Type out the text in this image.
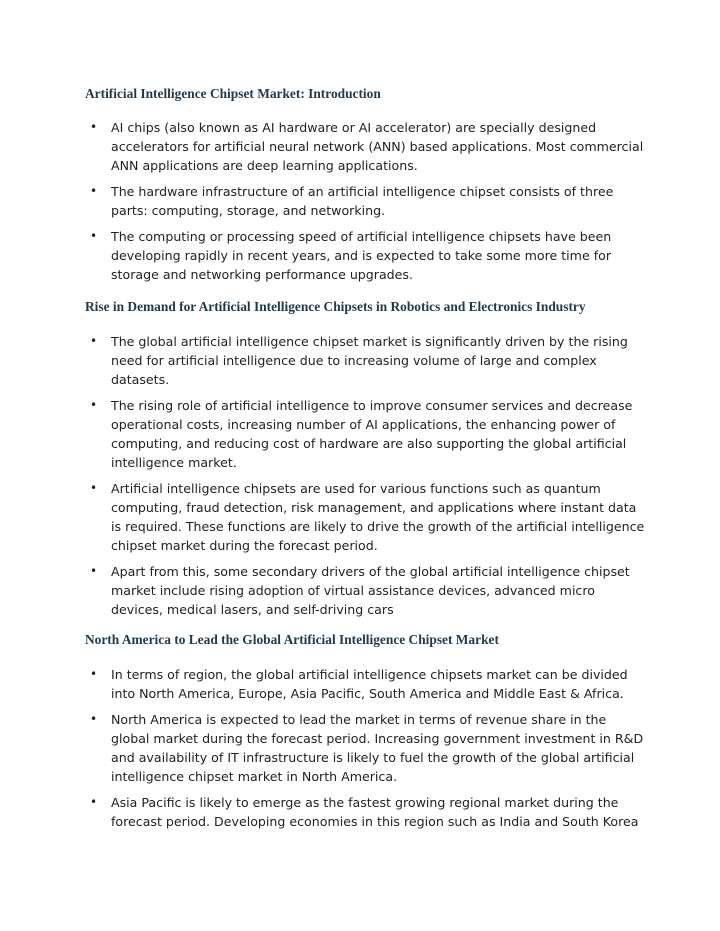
Artificial Intelligence Chipset Market: Introduction
• AI chips (also known as AI hardware or AI accelerator) are specially designed accelerators for artificial neural network (ANN) based applications. Most commercial ANN applications are deep learning applications.
• The hardware infrastructure of an artificial intelligence chipset consists of three parts: computing, storage, and networking.
• The computing or processing speed of artificial intelligence chipsets have been developing rapidly in recent years, and is expected to take some more time for storage and networking performance upgrades.
Rise in Demand for Artificial Intelligence Chipsets in Robotics and Electronics Industry
• The global artificial intelligence chipset market is significantly driven by the rising need for artificial intelligence due to increasing volume of large and complex datasets.
• The rising role of artificial intelligence to improve consumer services and decrease operational costs, increasing number of AI applications, the enhancing power of computing, and reducing cost of hardware are also supporting the global artificial intelligence market.
• Artificial intelligence chipsets are used for various functions such as quantum computing, fraud detection, risk management, and applications where instant data is required. These functions are likely to drive the growth of the artificial intelligence chipset market during the forecast period.
• Apart from this, some secondary drivers of the global artificial intelligence chipset market include rising adoption of virtual assistance devices, advanced micro devices, medical lasers, and self-driving cars
North America to Lead the Global Artificial Intelligence Chipset Market
• In terms of region, the global artificial intelligence chipsets market can be divided into North America, Europe, Asia Pacific, South America and Middle East & Africa.
• North America is expected to lead the market in terms of revenue share in the global market during the forecast period. Increasing government investment in R&D and availability of IT infrastructure is likely to fuel the growth of the global artificial intelligence chipset market in North America.
• Asia Pacific is likely to emerge as the fastest growing regional market during the forecast period. Developing economies in this region such as India and South Korea
